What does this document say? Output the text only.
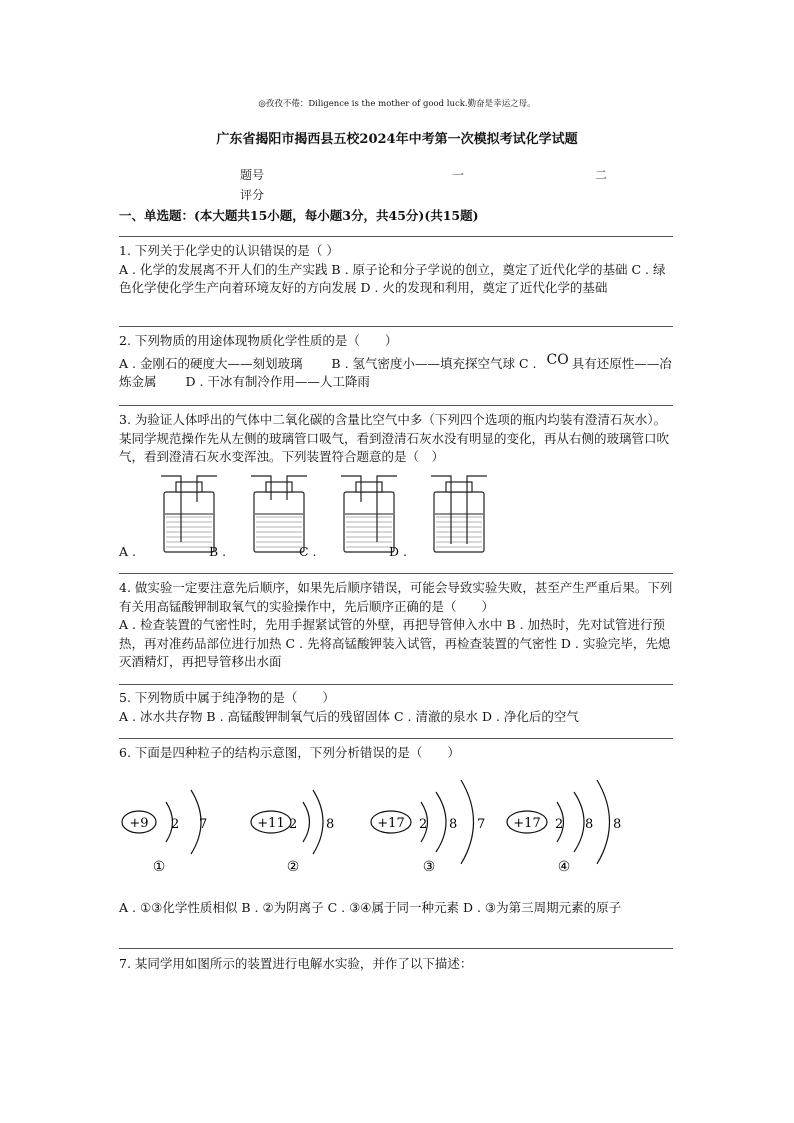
◎孜孜不倦：Diligence is the mother of good luck.勤奋是幸运之母。
广东省揭阳市揭西县五校2024年中考第一次模拟考试化学试题
题号	一	二
评分
一、单选题：(本大题共15小题，每小题3分，共45分)(共15题)

1. 下列关于化学史的认识错误的是（ ）

A . 化学的发展离不开人们的生产实践 B . 原子论和分子学说的创立，奠定了近代化学的基础 C . 绿色化学使化学生产向着环境友好的方向发展 D . 火的发现和利用，奠定了近代化学的基础

2. 下列物质的用途体现物质化学性质的是（　　）

A . 金刚石的硬度大——刻划玻璃　　 B . 氢气密度小——填充探空气球 C . CO 具有还原性——冶炼金属　　 D . 干冰有制冷作用——人工降雨

3. 为验证人体呼出的气体中二氧化碳的含量比空气中多（下列四个选项的瓶内均装有澄清石灰水）。某同学规范操作先从左侧的玻璃管口吸气，看到澄清石灰水没有明显的变化，再从右侧的玻璃管口吹气，看到澄清石灰水变浑浊。下列装置符合题意的是（　）

A .	B .	C .	D .

4. 做实验一定要注意先后顺序，如果先后顺序错误，可能会导致实验失败，甚至产生严重后果。下列有关用高锰酸钾制取氧气的实验操作中，先后顺序正确的是（　　）

A . 检查装置的气密性时，先用手握紧试管的外壁，再把导管伸入水中 B . 加热时，先对试管进行预热，再对准药品部位进行加热 C . 先将高锰酸钾装入试管，再检查装置的气密性 D . 实验完毕，先熄灭酒精灯，再把导管移出水面

5. 下列物质中属于纯净物的是（　　）

A . 冰水共存物 B . 高锰酸钾制氧气后的残留固体 C . 清澈的泉水 D . 净化后的空气

6. 下面是四种粒子的结构示意图，下列分析错误的是（　　）

+9 2 7
①
+11 2 8
②
+17 2 8 7
③
+17 2 8 8
④

A . ①③化学性质相似 B . ②为阴离子 C . ③④属于同一种元素 D . ③为第三周期元素的原子

7. 某同学用如图所示的装置进行电解水实验，并作了以下描述：
